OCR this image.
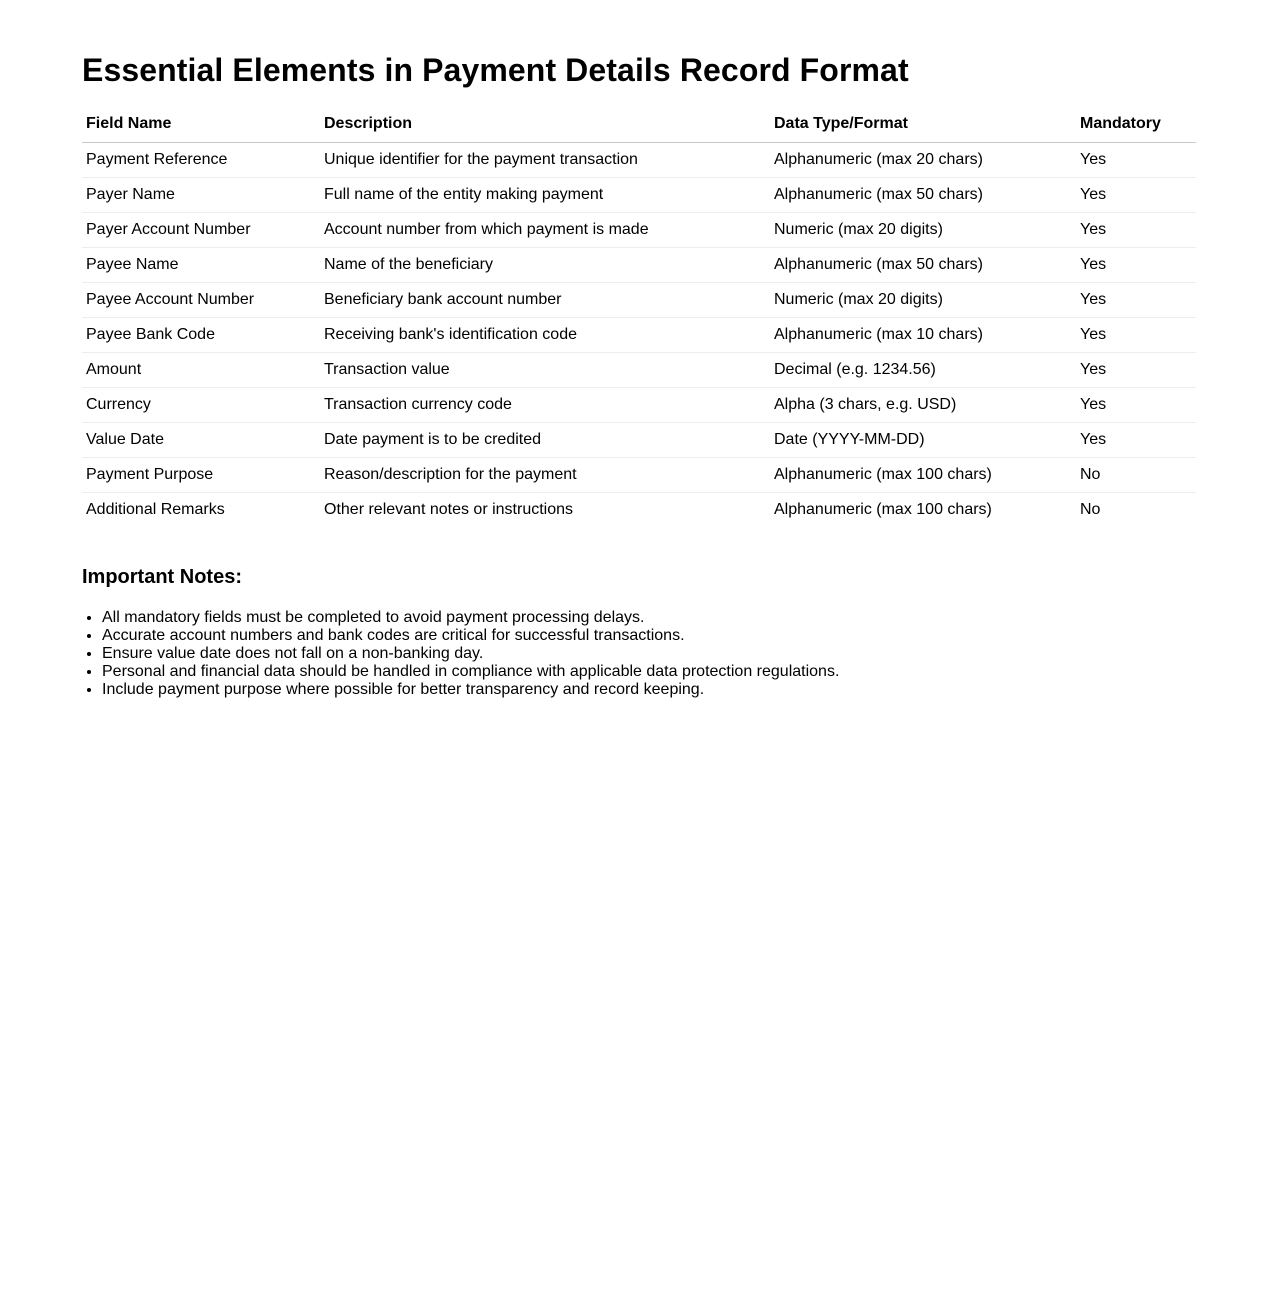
Essential Elements in Payment Details Record Format
Field Name	Description	Data Type/Format	Mandatory
Payment Reference	Unique identifier for the payment transaction	Alphanumeric (max 20 chars)	Yes
Payer Name	Full name of the entity making payment	Alphanumeric (max 50 chars)	Yes
Payer Account Number	Account number from which payment is made	Numeric (max 20 digits)	Yes
Payee Name	Name of the beneficiary	Alphanumeric (max 50 chars)	Yes
Payee Account Number	Beneficiary bank account number	Numeric (max 20 digits)	Yes
Payee Bank Code	Receiving bank's identification code	Alphanumeric (max 10 chars)	Yes
Amount	Transaction value	Decimal (e.g. 1234.56)	Yes
Currency	Transaction currency code	Alpha (3 chars, e.g. USD)	Yes
Value Date	Date payment is to be credited	Date (YYYY-MM-DD)	Yes
Payment Purpose	Reason/description for the payment	Alphanumeric (max 100 chars)	No
Additional Remarks	Other relevant notes or instructions	Alphanumeric (max 100 chars)	No
Important Notes:
• All mandatory fields must be completed to avoid payment processing delays.
• Accurate account numbers and bank codes are critical for successful transactions.
• Ensure value date does not fall on a non-banking day.
• Personal and financial data should be handled in compliance with applicable data protection regulations.
• Include payment purpose where possible for better transparency and record keeping.
